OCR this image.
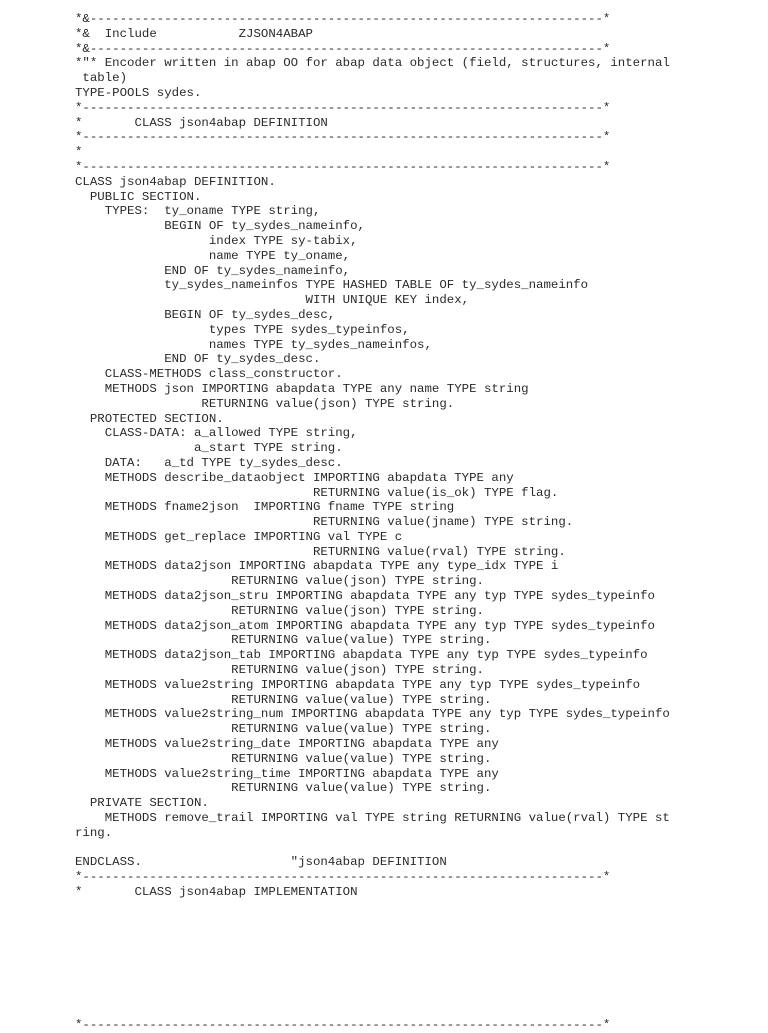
*&---------------------------------------------------------------------*
*&  Include           ZJSON4ABAP
*&---------------------------------------------------------------------*
*"* Encoder written in abap OO for abap data object (field, structures, internal
table)
TYPE-POOLS sydes.
*----------------------------------------------------------------------*
*       CLASS json4abap DEFINITION
*----------------------------------------------------------------------*
*
*----------------------------------------------------------------------*
CLASS json4abap DEFINITION.
PUBLIC SECTION.
TYPES:  ty_oname TYPE string,
BEGIN OF ty_sydes_nameinfo,
index TYPE sy-tabix,
name TYPE ty_oname,
END OF ty_sydes_nameinfo,
ty_sydes_nameinfos TYPE HASHED TABLE OF ty_sydes_nameinfo
WITH UNIQUE KEY index,
BEGIN OF ty_sydes_desc,
types TYPE sydes_typeinfos,
names TYPE ty_sydes_nameinfos,
END OF ty_sydes_desc.
CLASS-METHODS class_constructor.
METHODS json IMPORTING abapdata TYPE any name TYPE string
RETURNING value(json) TYPE string.
PROTECTED SECTION.
CLASS-DATA: a_allowed TYPE string,
a_start TYPE string.
DATA:   a_td TYPE ty_sydes_desc.
METHODS describe_dataobject IMPORTING abapdata TYPE any
RETURNING value(is_ok) TYPE flag.
METHODS fname2json  IMPORTING fname TYPE string
RETURNING value(jname) TYPE string.
METHODS get_replace IMPORTING val TYPE c
RETURNING value(rval) TYPE string.
METHODS data2json IMPORTING abapdata TYPE any type_idx TYPE i
RETURNING value(json) TYPE string.
METHODS data2json_stru IMPORTING abapdata TYPE any typ TYPE sydes_typeinfo
RETURNING value(json) TYPE string.
METHODS data2json_atom IMPORTING abapdata TYPE any typ TYPE sydes_typeinfo
RETURNING value(value) TYPE string.
METHODS data2json_tab IMPORTING abapdata TYPE any typ TYPE sydes_typeinfo
RETURNING value(json) TYPE string.
METHODS value2string IMPORTING abapdata TYPE any typ TYPE sydes_typeinfo
RETURNING value(value) TYPE string.
METHODS value2string_num IMPORTING abapdata TYPE any typ TYPE sydes_typeinfo
RETURNING value(value) TYPE string.
METHODS value2string_date IMPORTING abapdata TYPE any
RETURNING value(value) TYPE string.
METHODS value2string_time IMPORTING abapdata TYPE any
RETURNING value(value) TYPE string.
PRIVATE SECTION.
METHODS remove_trail IMPORTING val TYPE string RETURNING value(rval) TYPE st
ring.
ENDCLASS.                    "json4abap DEFINITION
*----------------------------------------------------------------------*
*       CLASS json4abap IMPLEMENTATION
*----------------------------------------------------------------------*
